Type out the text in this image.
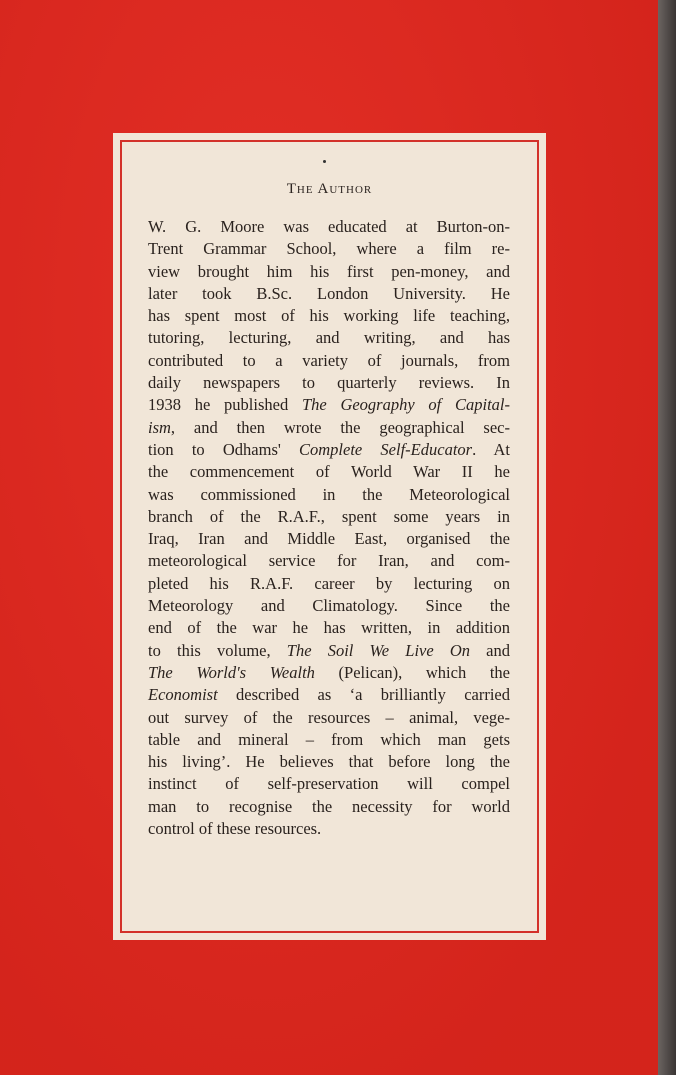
The Author

W. G. Moore was educated at Burton-on-
Trent Grammar School, where a film re-
view brought him his first pen-money, and
later took B.Sc. London University. He
has spent most of his working life teaching,
tutoring, lecturing, and writing, and has
contributed to a variety of journals, from
daily newspapers to quarterly reviews. In
1938 he published The Geography of Capital-
ism, and then wrote the geographical sec-
tion to Odhams' Complete Self-Educator. At
the commencement of World War II he
was commissioned in the Meteorological
branch of the R.A.F., spent some years in
Iraq, Iran and Middle East, organised the
meteorological service for Iran, and com-
pleted his R.A.F. career by lecturing on
Meteorology and Climatology. Since the
end of the war he has written, in addition
to this volume, The Soil We Live On and
The World's Wealth (Pelican), which the
Economist described as ‘a brilliantly carried
out survey of the resources – animal, vege-
table and mineral – from which man gets
his living’. He believes that before long the
instinct of self-preservation will compel
man to recognise the necessity for world
control of these resources.
